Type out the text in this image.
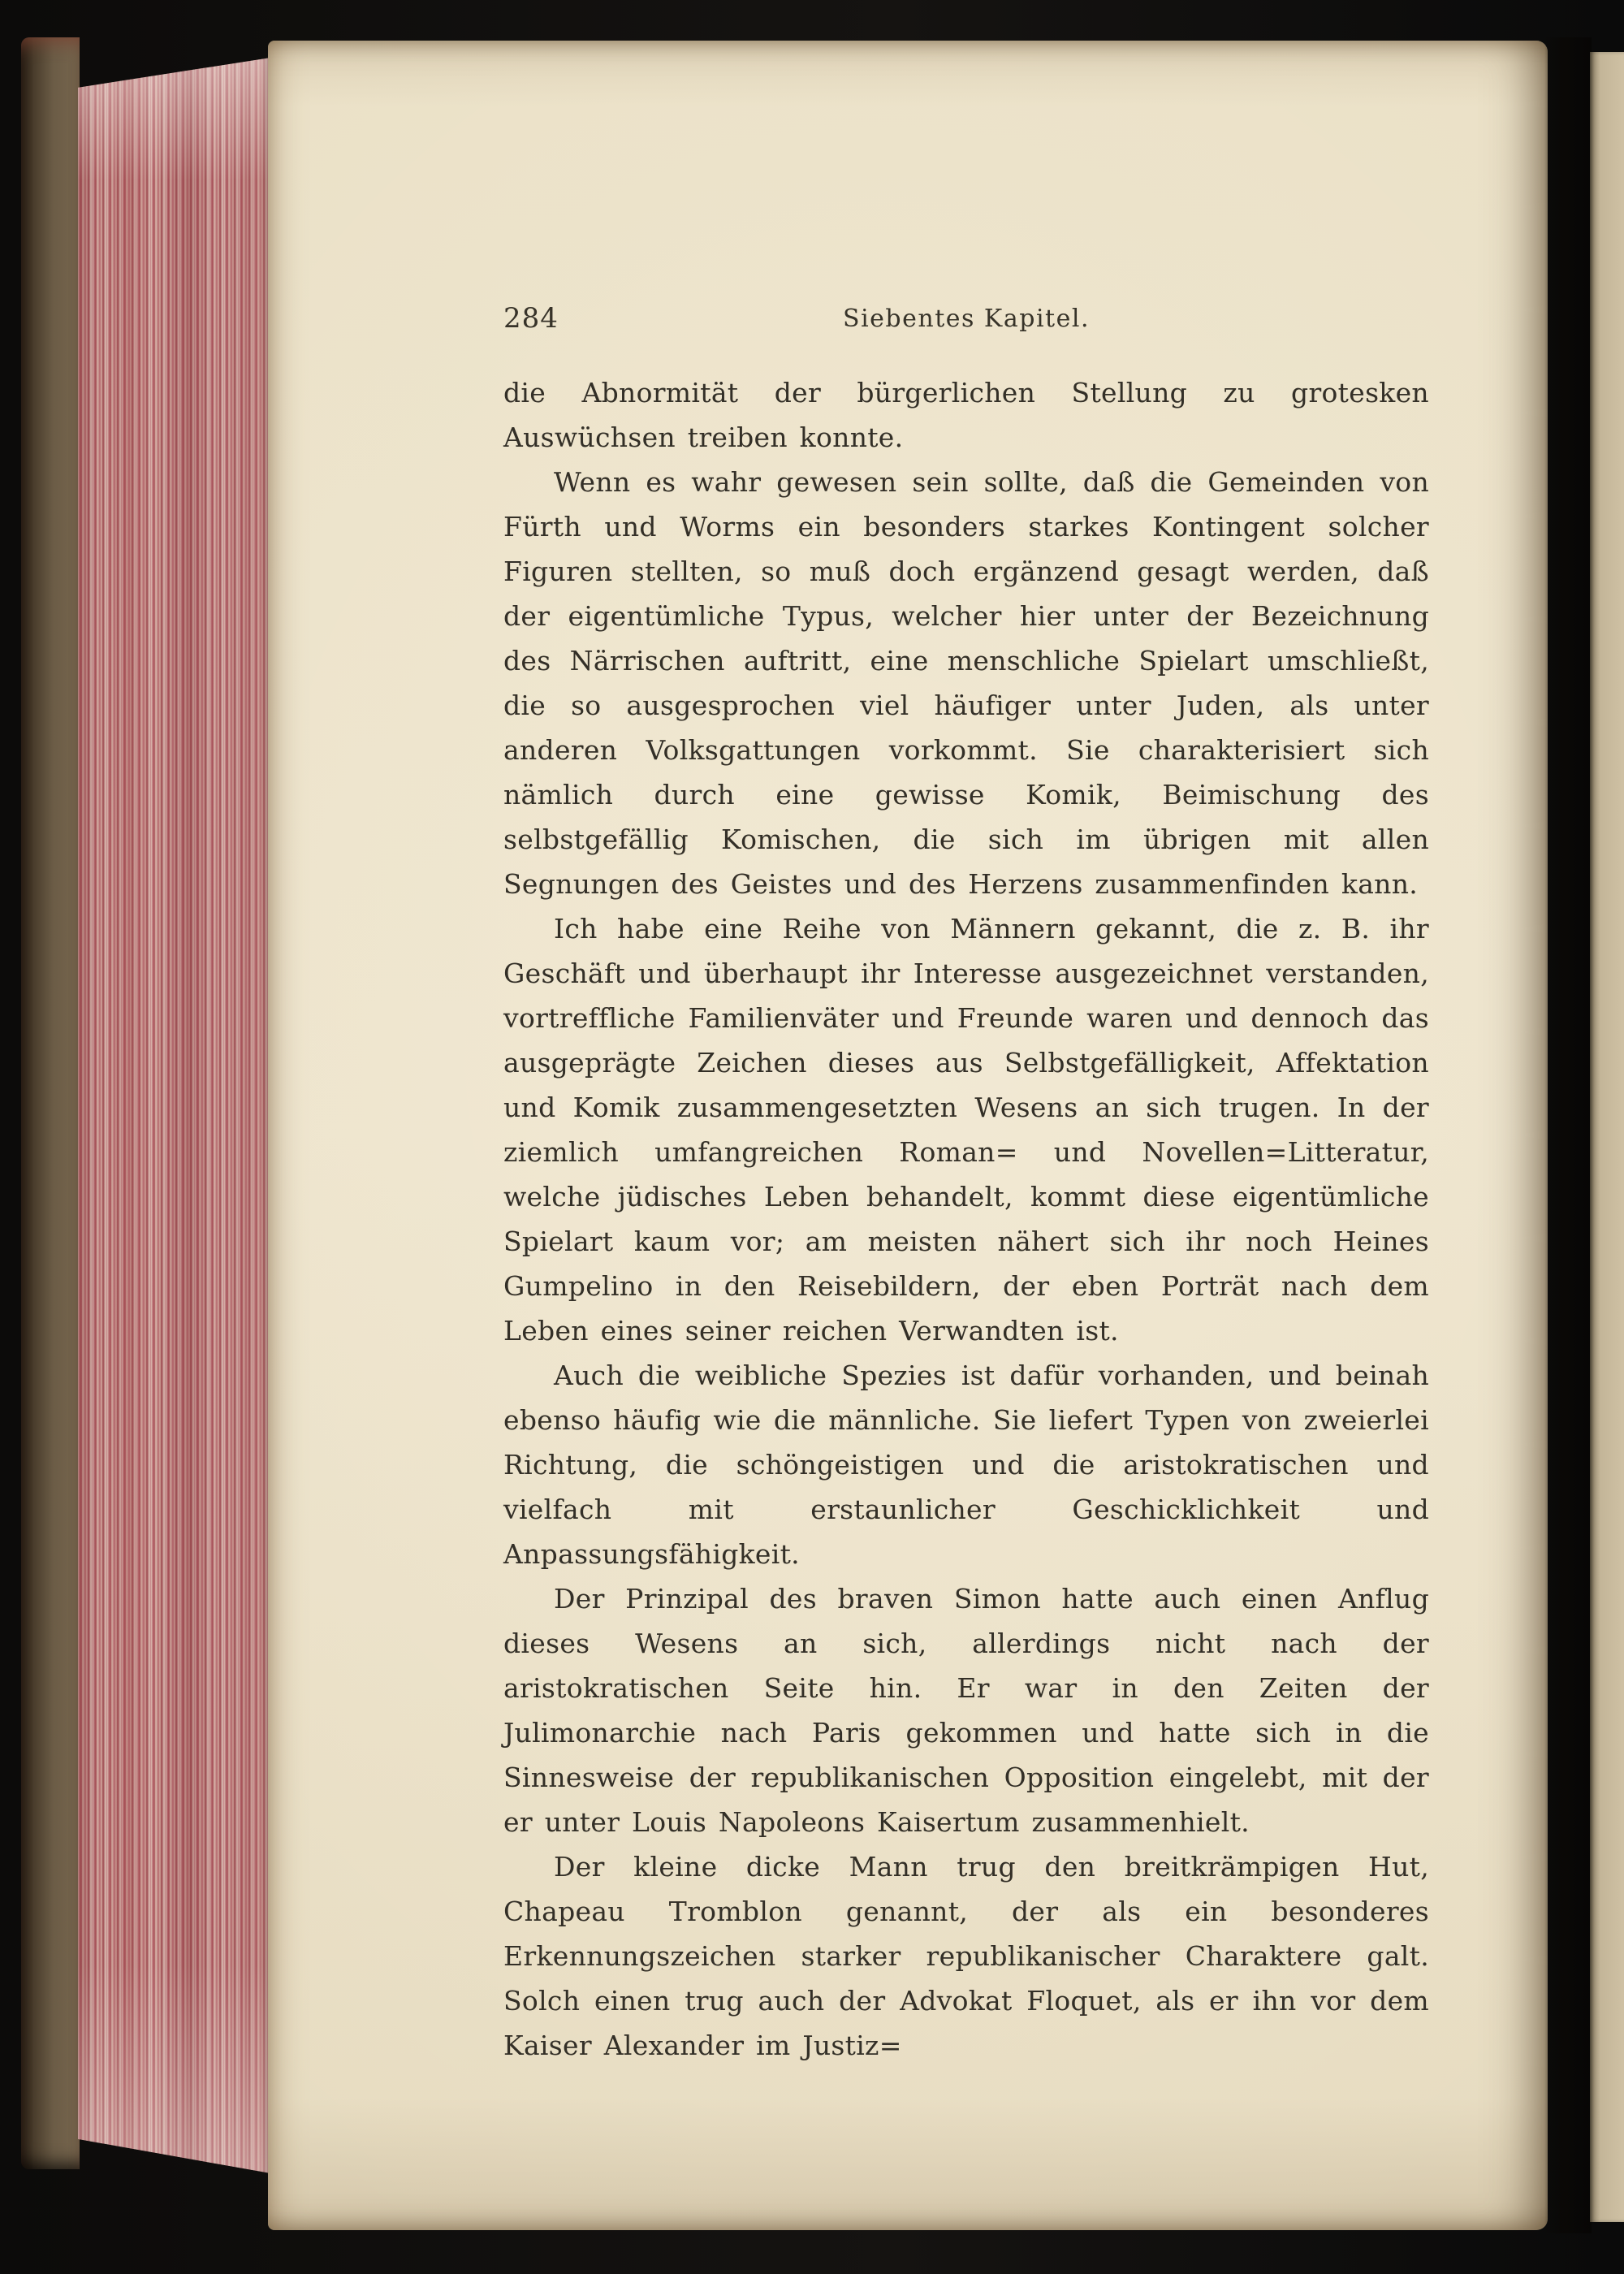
284	Siebentes Kapitel.

die Abnormität der bürgerlichen Stellung zu grotesken Auswüchsen treiben konnte.

Wenn es wahr gewesen sein sollte, daß die Gemeinden von Fürth und Worms ein besonders starkes Kontingent solcher Figuren stellten, so muß doch ergänzend gesagt werden, daß der eigentümliche Typus, welcher hier unter der Bezeichnung des Närrischen auftritt, eine menschliche Spielart umschließt, die so ausgesprochen viel häufiger unter Juden, als unter anderen Volksgattungen vorkommt. Sie charakterisiert sich nämlich durch eine gewisse Komik, Beimischung des selbstgefällig Komischen, die sich im übrigen mit allen Segnungen des Geistes und des Herzens zusammenfinden kann.

Ich habe eine Reihe von Männern gekannt, die z. B. ihr Geschäft und überhaupt ihr Interesse ausgezeichnet verstanden, vortreffliche Familienväter und Freunde waren und dennoch das ausgeprägte Zeichen dieses aus Selbstgefälligkeit, Affektation und Komik zusammengesetzten Wesens an sich trugen. In der ziemlich umfangreichen Roman= und Novellen=Litteratur, welche jüdisches Leben behandelt, kommt diese eigentümliche Spielart kaum vor; am meisten nähert sich ihr noch Heines Gumpelino in den Reisebildern, der eben Porträt nach dem Leben eines seiner reichen Verwandten ist.

Auch die weibliche Spezies ist dafür vorhanden, und beinah ebenso häufig wie die männliche. Sie liefert Typen von zweierlei Richtung, die schöngeistigen und die aristokratischen und vielfach mit erstaunlicher Geschicklichkeit und Anpassungsfähigkeit.

Der Prinzipal des braven Simon hatte auch einen Anflug dieses Wesens an sich, allerdings nicht nach der aristokratischen Seite hin. Er war in den Zeiten der Julimonarchie nach Paris gekommen und hatte sich in die Sinnesweise der republikanischen Opposition eingelebt, mit der er unter Louis Napoleons Kaisertum zusammenhielt.

Der kleine dicke Mann trug den breitkrämpigen Hut, Chapeau Tromblon genannt, der als ein besonderes Erkennungszeichen starker republikanischer Charaktere galt. Solch einen trug auch der Advokat Floquet, als er ihn vor dem Kaiser Alexander im Justiz=
